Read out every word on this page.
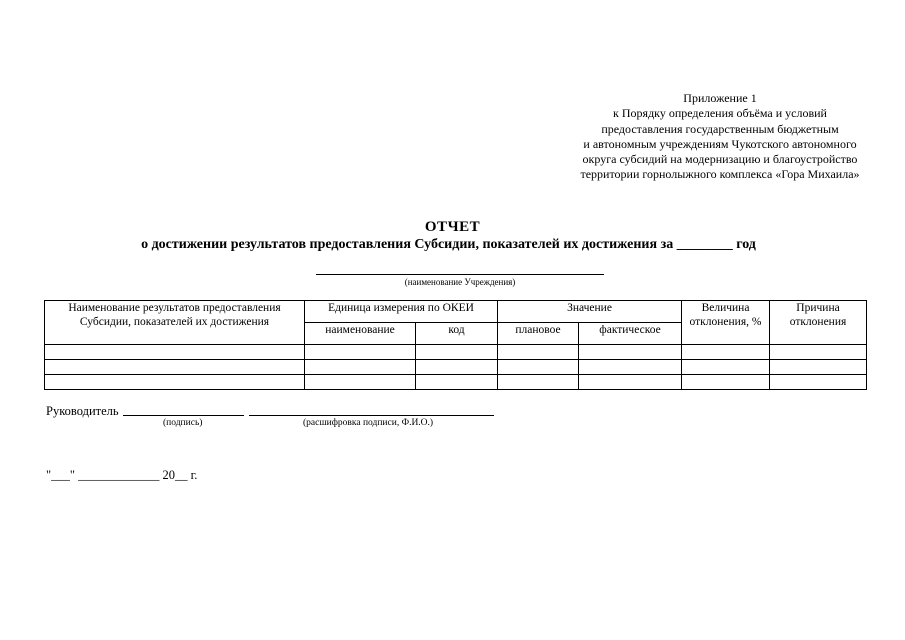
Приложение 1
к Порядку определения объёма и условий
предоставления государственным бюджетным
и автономным учреждениям Чукотского автономного
округа субсидий на модернизацию и благоустройство
территории горнолыжного комплекса «Гора Михаила»
ОТЧЕТ
о достижении результатов предоставления Субсидии, показателей их достижения за ________ год
(наименование Учреждения)
Наименование результатов предоставления Субсидии, показателей их достижения	Единица измерения по ОКЕИ		Значение		Величина отклонения, %	Причина отклонения
	наименование	код	плановое	фактическое		

Руководитель
(подпись)	(расшифровка подписи, Ф.И.О.)
"___" _____________ 20__ г.
